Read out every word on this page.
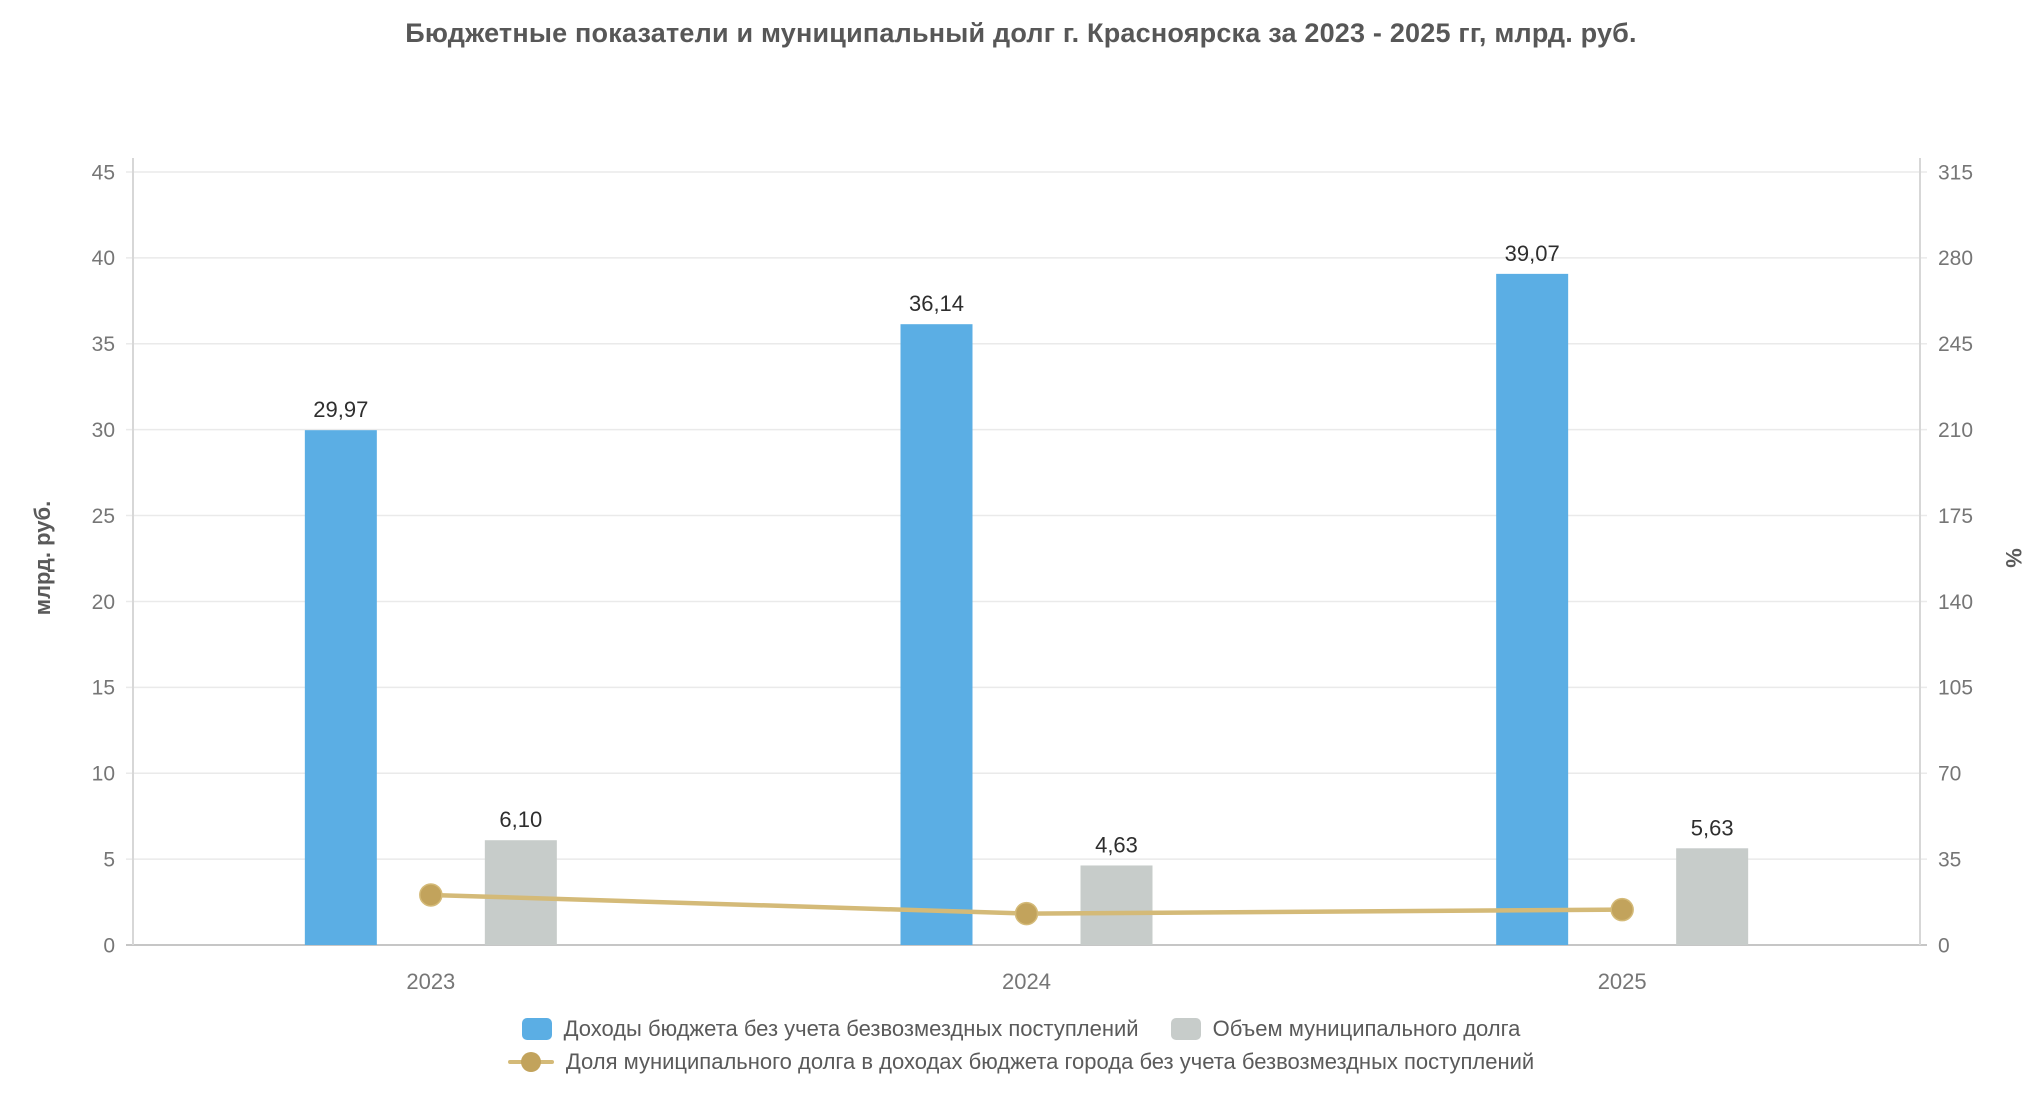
Бюджетные показатели и муниципальный долг г. Красноярска за 2023 - 2025 гг, млрд. руб.
млрд. руб.	%
0	0
5	35
10	70
15	105
20	140
25	175
30	210
35	245
40	280
45	315
29,97
36,14
39,07
6,10
4,63
5,63
2023	2024	2025
Доходы бюджета без учета безвозмездных поступлений	Объем муниципального долга
Доля муниципального долга в доходах бюджета города без учета безвозмездных поступлений
